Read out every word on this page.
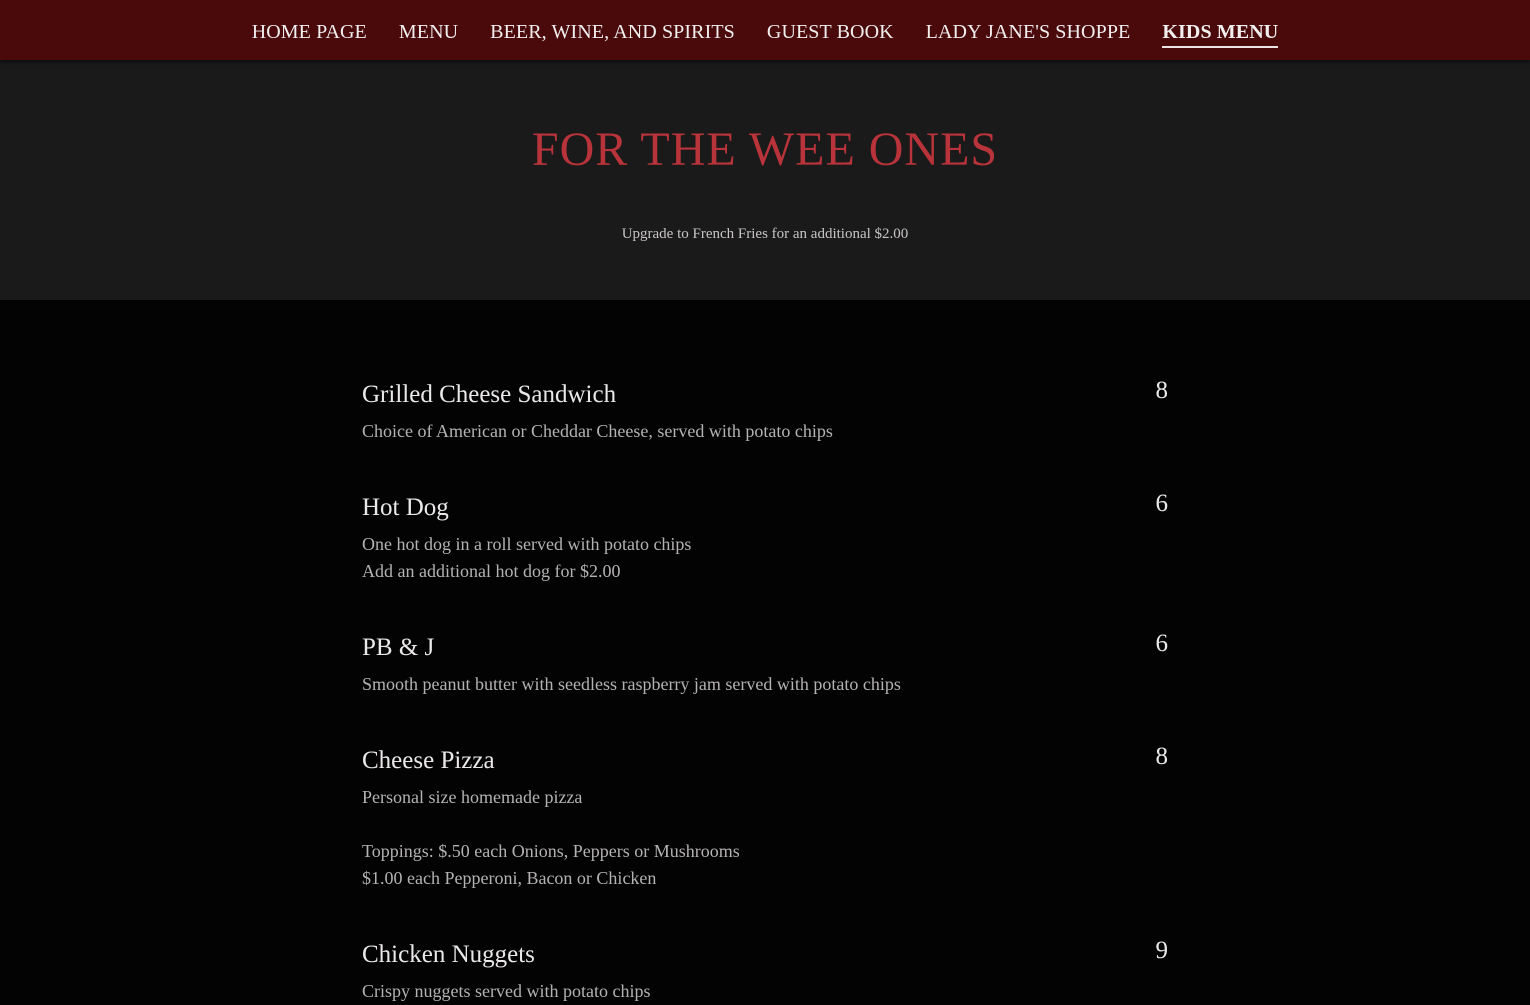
HOME PAGE MENU BEER, WINE, AND SPIRITS GUEST BOOK LADY JANE'S SHOPPE KIDS MENU
FOR THE WEE ONES
Upgrade to French Fries for an additional $2.00
Grilled Cheese Sandwich	8
Choice of American or Cheddar Cheese, served with potato chips
Hot Dog	6
One hot dog in a roll served with potato chips
Add an additional hot dog for $2.00
PB & J	6
Smooth peanut butter with seedless raspberry jam served with potato chips
Cheese Pizza	8
Personal size homemade pizza
Toppings: $.50 each Onions, Peppers or Mushrooms
$1.00 each Pepperoni, Bacon or Chicken
Chicken Nuggets	9
Crispy nuggets served with potato chips
